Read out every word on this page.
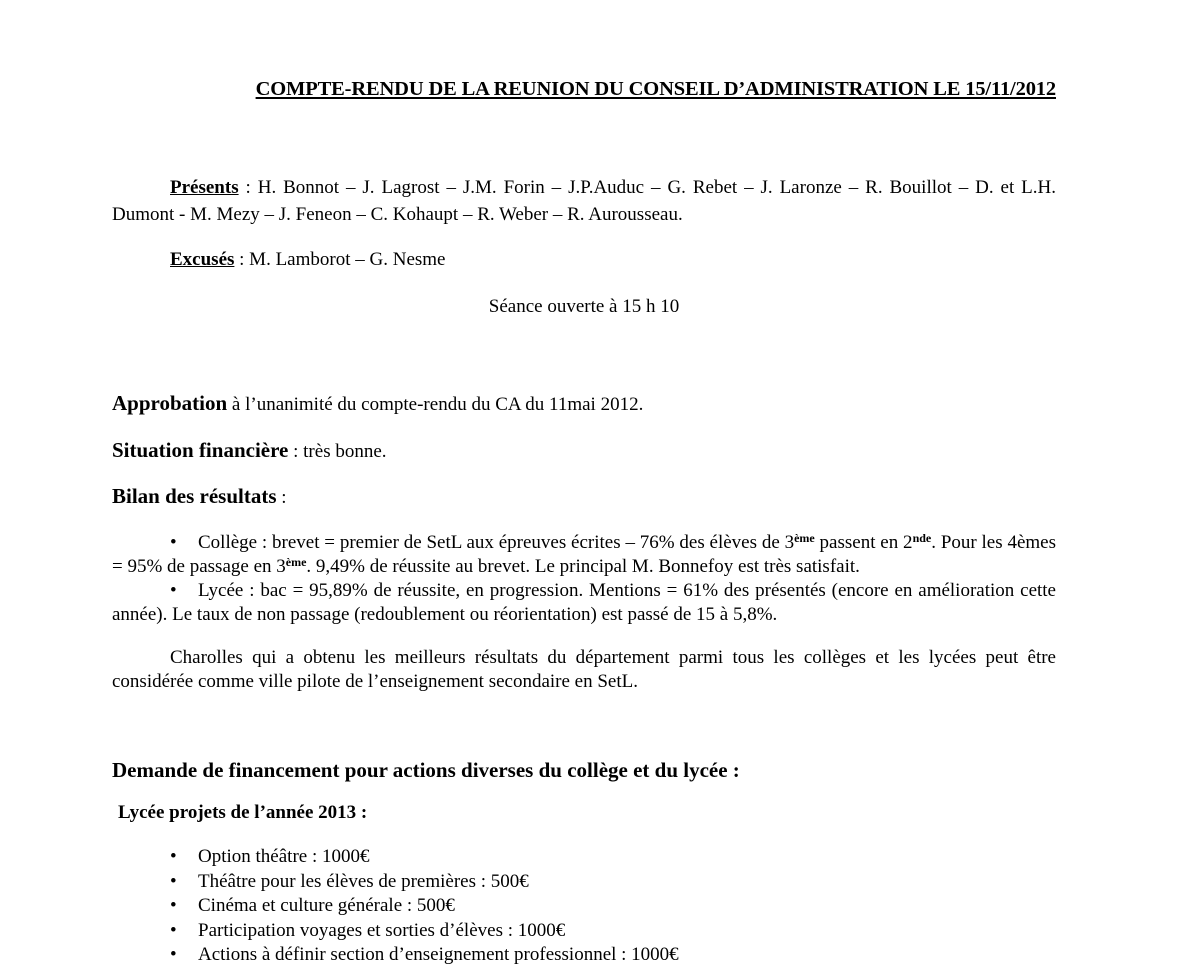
COMPTE-RENDU DE LA REUNION DU CONSEIL D’ADMINISTRATION LE 15/11/2012
Présents : H. Bonnot – J. Lagrost – J.M. Forin – J.P.Auduc – G. Rebet – J. Laronze – R. Bouillot – D. et L.H. Dumont - M. Mezy – J. Feneon – C. Kohaupt – R. Weber – R. Aurousseau.
Excusés : M. Lamborot – G. Nesme
Séance ouverte à 15 h 10
Approbation à l’unanimité du compte-rendu du CA du 11mai 2012.
Situation financière : très bonne.
Bilan des résultats :
• Collège : brevet = premier de SetL aux épreuves écrites – 76% des élèves de 3ème passent en 2nde. Pour les 4èmes = 95% de passage en 3ème. 9,49% de réussite au brevet. Le principal M. Bonnefoy est très satisfait.
• Lycée : bac = 95,89% de réussite, en progression. Mentions = 61% des présentés (encore en amélioration cette année). Le taux de non passage (redoublement ou réorientation) est passé de 15 à 5,8%.
Charolles qui a obtenu les meilleurs résultats du département parmi tous les collèges et les lycées peut être considérée comme ville pilote de l’enseignement secondaire en SetL.
Demande de financement pour actions diverses du collège et du lycée :
Lycée projets de l’année 2013 :
• Option théâtre : 1000€
• Théâtre pour les élèves de premières : 500€
• Cinéma et culture générale : 500€
• Participation voyages et sorties d’élèves : 1000€
• Actions à définir section d’enseignement professionnel : 1000€
